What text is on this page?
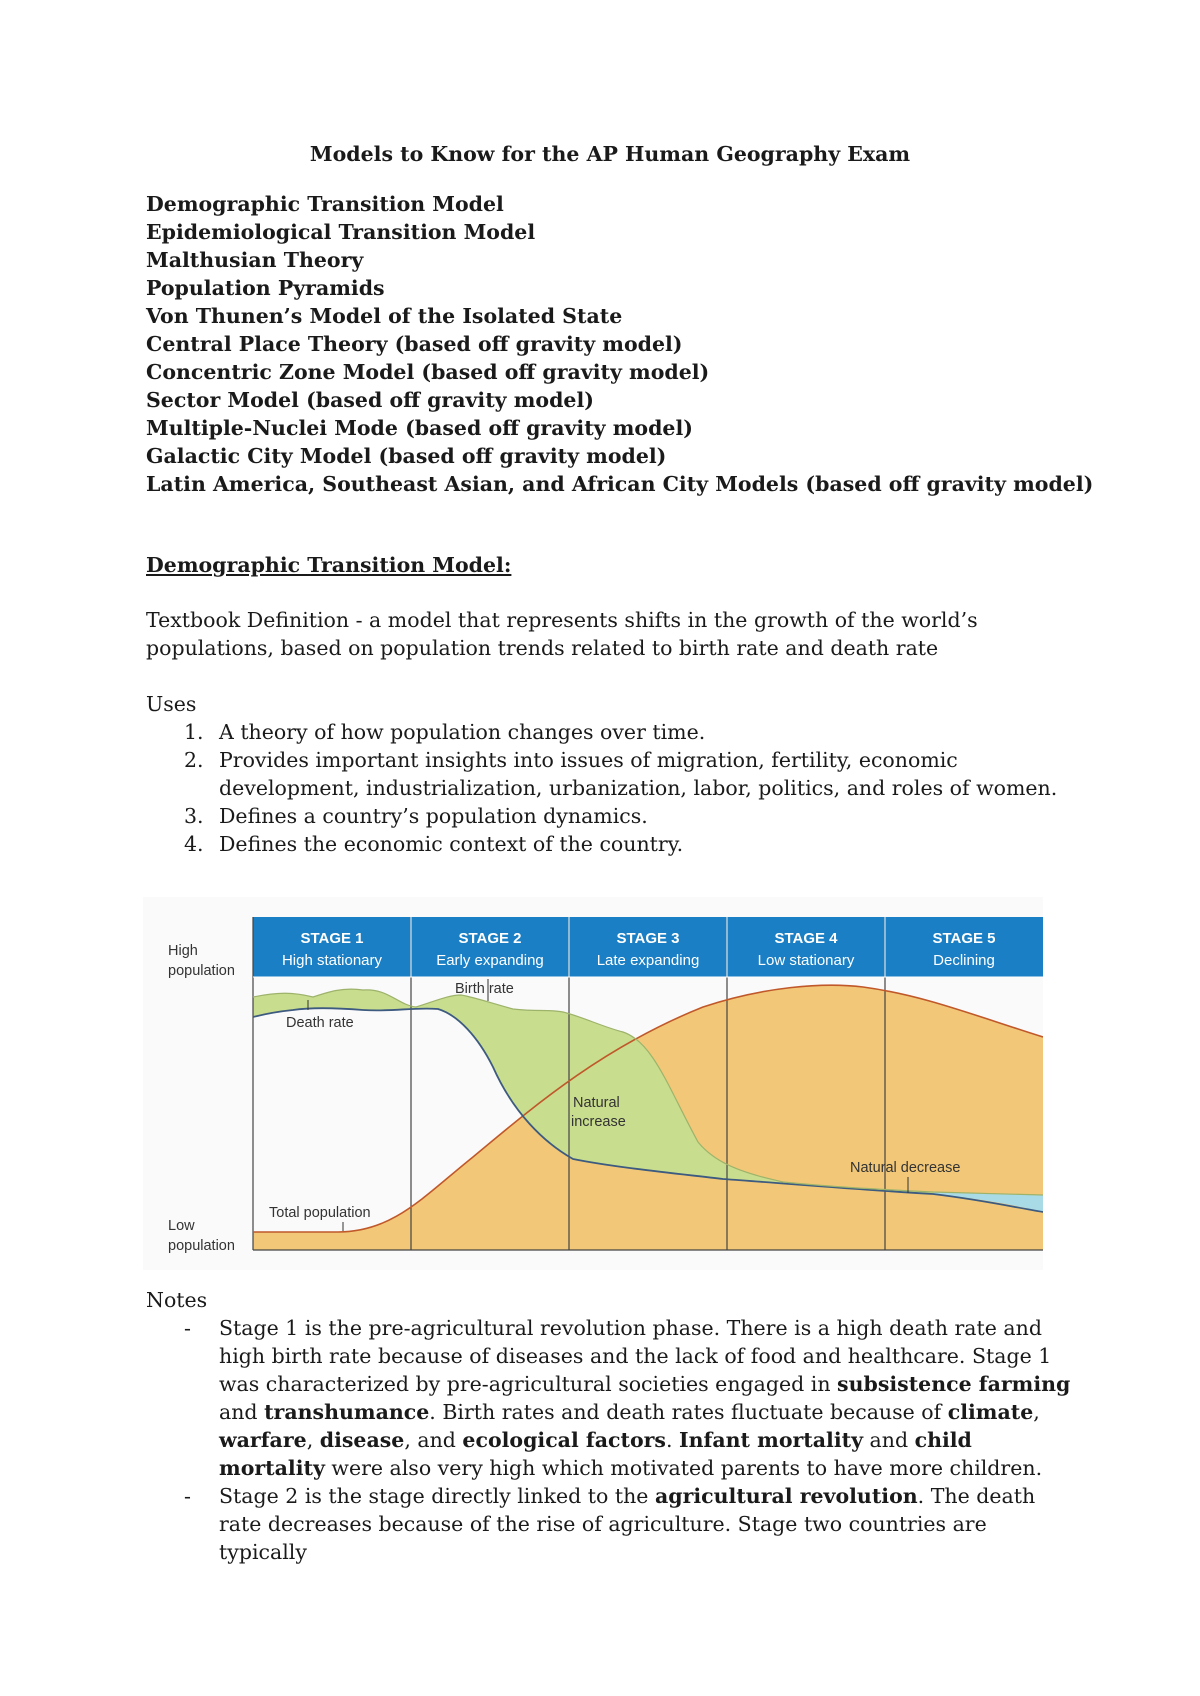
Models to Know for the AP Human Geography Exam
Demographic Transition Model
Epidemiological Transition Model
Malthusian Theory
Population Pyramids
Von Thunen’s Model of the Isolated State
Central Place Theory (based off gravity model)
Concentric Zone Model (based off gravity model)
Sector Model (based off gravity model)
Multiple-Nuclei Mode (based off gravity model)
Galactic City Model (based off gravity model)
Latin America, Southeast Asian, and African City Models (based off gravity model)
Demographic Transition Model:
Textbook Definition - a model that represents shifts in the growth of the world’s populations, based on population trends related to birth rate and death rate
Uses
1. A theory of how population changes over time.
2. Provides important insights into issues of migration, fertility, economic development, industrialization, urbanization, labor, politics, and roles of women.
3. Defines a country’s population dynamics.
4. Defines the economic context of the country.
STAGE 1
High stationary
STAGE 2
Early expanding
STAGE 3
Late expanding
STAGE 4
Low stationary
STAGE 5
Declining
High
population
Low
population
Birth rate
Death rate
Natural
increase
Total population
Natural decrease
Notes
- Stage 1 is the pre-agricultural revolution phase. There is a high death rate and high birth rate because of diseases and the lack of food and healthcare. Stage 1 was characterized by pre-agricultural societies engaged in subsistence farming and transhumance. Birth rates and death rates fluctuate because of climate, warfare, disease, and ecological factors. Infant mortality and child mortality were also very high which motivated parents to have more children.
- Stage 2 is the stage directly linked to the agricultural revolution. The death rate decreases because of the rise of agriculture. Stage two countries are typically
